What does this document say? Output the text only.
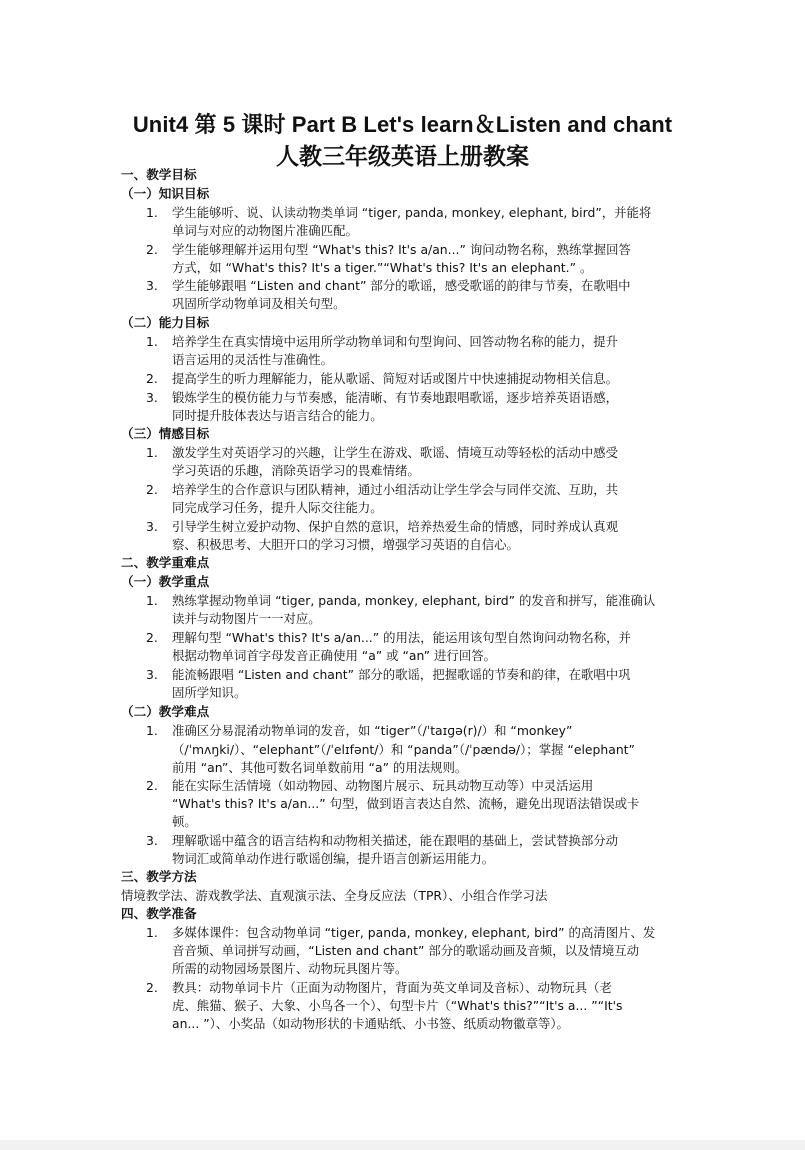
Unit4 第 5 课时 Part B Let's learn＆Listen and chant
人教三年级英语上册教案
一、教学目标
（一）知识目标
1. 学生能够听、说、认读动物类单词 “tiger, panda, monkey, elephant, bird”，并能将
单词与对应的动物图片准确匹配。
2. 学生能够理解并运用句型 “What's this? It's a/an...” 询问动物名称，熟练掌握回答
方式，如 “What's this? It's a tiger.”“What's this? It's an elephant.” 。
3. 学生能够跟唱 “Listen and chant” 部分的歌谣，感受歌谣的韵律与节奏，在歌唱中
巩固所学动物单词及相关句型。
（二）能力目标
1. 培养学生在真实情境中运用所学动物单词和句型询问、回答动物名称的能力，提升
语言运用的灵活性与准确性。
2. 提高学生的听力理解能力，能从歌谣、简短对话或图片中快速捕捉动物相关信息。
3. 锻炼学生的模仿能力与节奏感，能清晰、有节奏地跟唱歌谣，逐步培养英语语感，
同时提升肢体表达与语言结合的能力。
（三）情感目标
1. 激发学生对英语学习的兴趣，让学生在游戏、歌谣、情境互动等轻松的活动中感受
学习英语的乐趣，消除英语学习的畏难情绪。
2. 培养学生的合作意识与团队精神，通过小组活动让学生学会与同伴交流、互助，共
同完成学习任务，提升人际交往能力。
3. 引导学生树立爱护动物、保护自然的意识，培养热爱生命的情感，同时养成认真观
察、积极思考、大胆开口的学习习惯，增强学习英语的自信心。
二、教学重难点
（一）教学重点
1. 熟练掌握动物单词 “tiger, panda, monkey, elephant, bird” 的发音和拼写，能准确认
读并与动物图片一一对应。
2. 理解句型 “What's this? It's a/an...” 的用法，能运用该句型自然询问动物名称，并
根据动物单词首字母发音正确使用 “a” 或 “an” 进行回答。
3. 能流畅跟唱 “Listen and chant” 部分的歌谣，把握歌谣的节奏和韵律，在歌唱中巩
固所学知识。
（二）教学难点
1. 准确区分易混淆动物单词的发音，如 “tiger”（/ˈtaɪɡə(r)/）和 “monkey”
（/ˈmʌŋki/）、“elephant”（/ˈelɪfənt/）和 “panda”（/ˈpændə/）；掌握 “elephant”
前用 “an”、其他可数名词单数前用 “a” 的用法规则。
2. 能在实际生活情境（如动物园、动物图片展示、玩具动物互动等）中灵活运用
“What's this? It's a/an...” 句型，做到语言表达自然、流畅，避免出现语法错误或卡
顿。
3. 理解歌谣中蕴含的语言结构和动物相关描述，能在跟唱的基础上，尝试替换部分动
物词汇或简单动作进行歌谣创编，提升语言创新运用能力。
三、教学方法
情境教学法、游戏教学法、直观演示法、全身反应法（TPR）、小组合作学习法
四、教学准备
1. 多媒体课件：包含动物单词 “tiger, panda, monkey, elephant, bird” 的高清图片、发
音音频、单词拼写动画，“Listen and chant” 部分的歌谣动画及音频，以及情境互动
所需的动物园场景图片、动物玩具图片等。
2. 教具：动物单词卡片（正面为动物图片，背面为英文单词及音标）、动物玩具（老
虎、熊猫、猴子、大象、小鸟各一个）、句型卡片（“What's this?”“It's a... ”“It's
an... ”）、小奖品（如动物形状的卡通贴纸、小书签、纸质动物徽章等）。
